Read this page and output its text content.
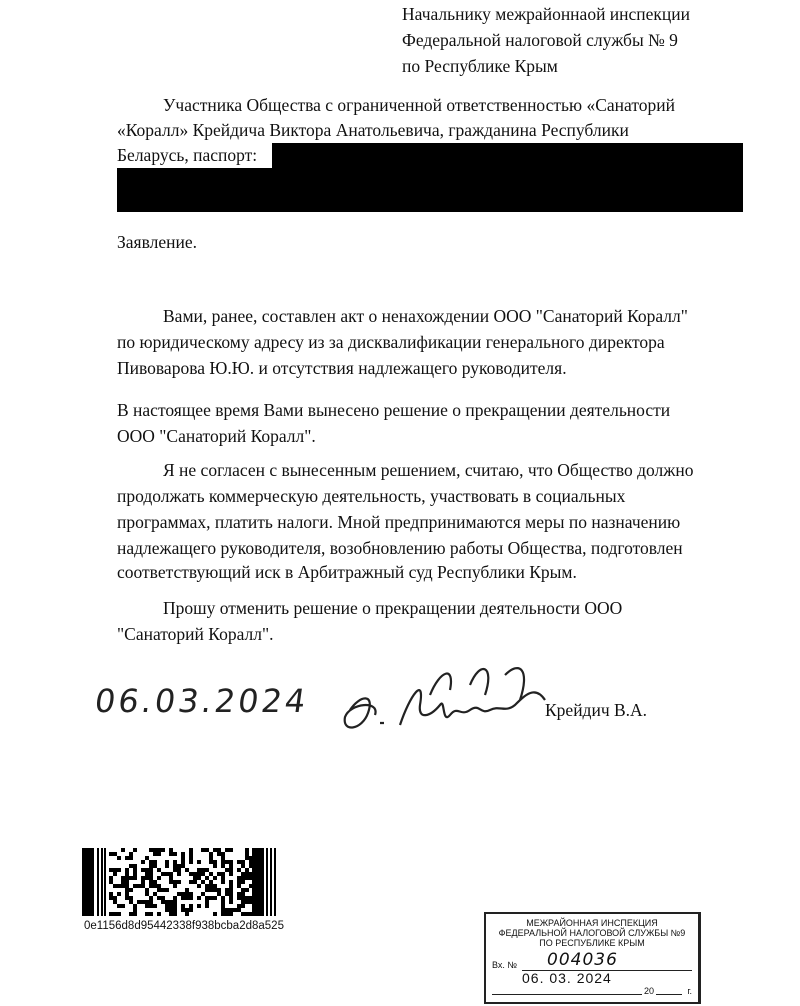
Начальнику межрайоннаой инспекции
Федеральной налоговой службы № 9
по Республике Крым
Участника Общества с ограниченной ответственностью «Санаторий
«Коралл» Крейдича Виктора Анатольевича, гражданина Республики
Беларусь, паспорт:
Заявление.
Вами, ранее, составлен акт о ненахождении ООО "Санаторий Коралл"
по юридическому адресу из за дисквалификации генерального директора
Пивоварова Ю.Ю. и отсутствия надлежащего руководителя.
В настоящее время Вами вынесено решение о прекращении деятельности
ООО "Санаторий Коралл".
Я не согласен с вынесенным решением, считаю, что Общество должно
продолжать коммерческую деятельность, участвовать в социальных
программах, платить налоги. Мной предпринимаются меры по назначению
надлежащего руководителя, возобновлению работы Общества, подготовлен
соответствующий иск в Арбитражный суд Республики Крым.
Прошу отменить решение о прекращении деятельности ООО
"Санаторий Коралл".
06.03.2024	Крейдич В.А.
0e1156d8d95442338f938bcba2d8a525	МЕЖРАЙОННАЯ ИНСПЕКЦИЯ
ФЕДЕРАЛЬНОЙ НАЛОГОВОЙ СЛУЖБЫ №9
ПО РЕСПУБЛИКЕ КРЫМ
Вх. № 004036
06. 03. 2024
20	г.
